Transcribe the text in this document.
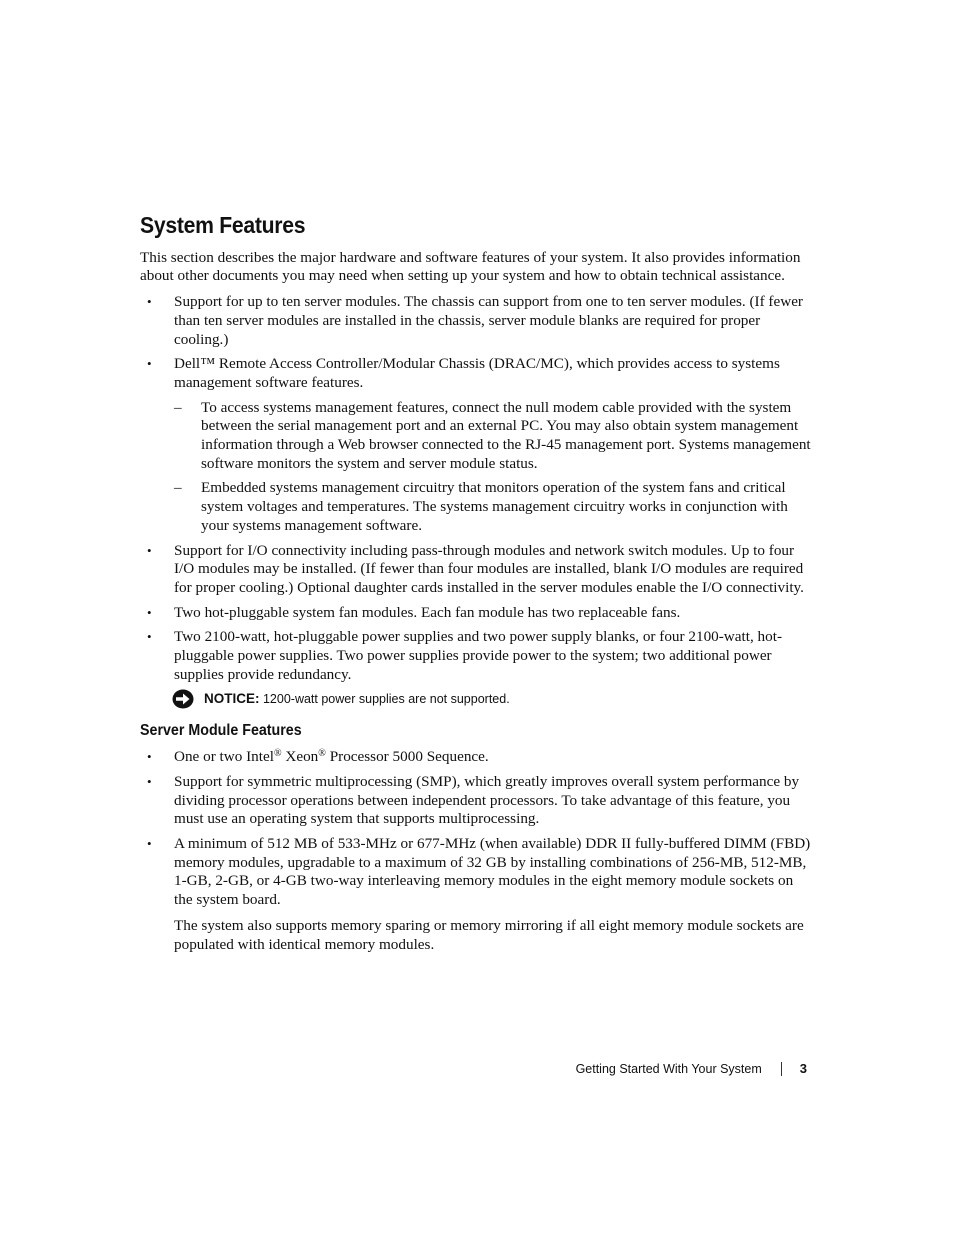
System Features

This section describes the major hardware and software features of your system. It also provides information about other documents you may need when setting up your system and how to obtain technical assistance.

• Support for up to ten server modules. The chassis can support from one to ten server modules. (If fewer than ten server modules are installed in the chassis, server module blanks are required for proper cooling.)
• Dell™ Remote Access Controller/Modular Chassis (DRAC/MC), which provides access to systems management software features.
– To access systems management features, connect the null modem cable provided with the system between the serial management port and an external PC. You may also obtain system management information through a Web browser connected to the RJ-45 management port. Systems management software monitors the system and server module status.
– Embedded systems management circuitry that monitors operation of the system fans and critical system voltages and temperatures. The systems management circuitry works in conjunction with your systems management software.
• Support for I/O connectivity including pass-through modules and network switch modules. Up to four I/O modules may be installed. (If fewer than four modules are installed, blank I/O modules are required for proper cooling.) Optional daughter cards installed in the server modules enable the I/O connectivity.
• Two hot-pluggable system fan modules. Each fan module has two replaceable fans.
• Two 2100-watt, hot-pluggable power supplies and two power supply blanks, or four 2100-watt, hot-pluggable power supplies. Two power supplies provide power to the system; two additional power supplies provide redundancy.
NOTICE: 1200-watt power supplies are not supported.
Server Module Features
• One or two Intel® Xeon® Processor 5000 Sequence.
• Support for symmetric multiprocessing (SMP), which greatly improves overall system performance by dividing processor operations between independent processors. To take advantage of this feature, you must use an operating system that supports multiprocessing.
• A minimum of 512 MB of 533-MHz or 677-MHz (when available) DDR II fully-buffered DIMM (FBD) memory modules, upgradable to a maximum of 32 GB by installing combinations of 256-MB, 512-MB, 1-GB, 2-GB, or 4-GB two-way interleaving memory modules in the eight memory module sockets on the system board.

The system also supports memory sparing or memory mirroring if all eight memory module sockets are populated with identical memory modules.

Getting Started With Your System	3
